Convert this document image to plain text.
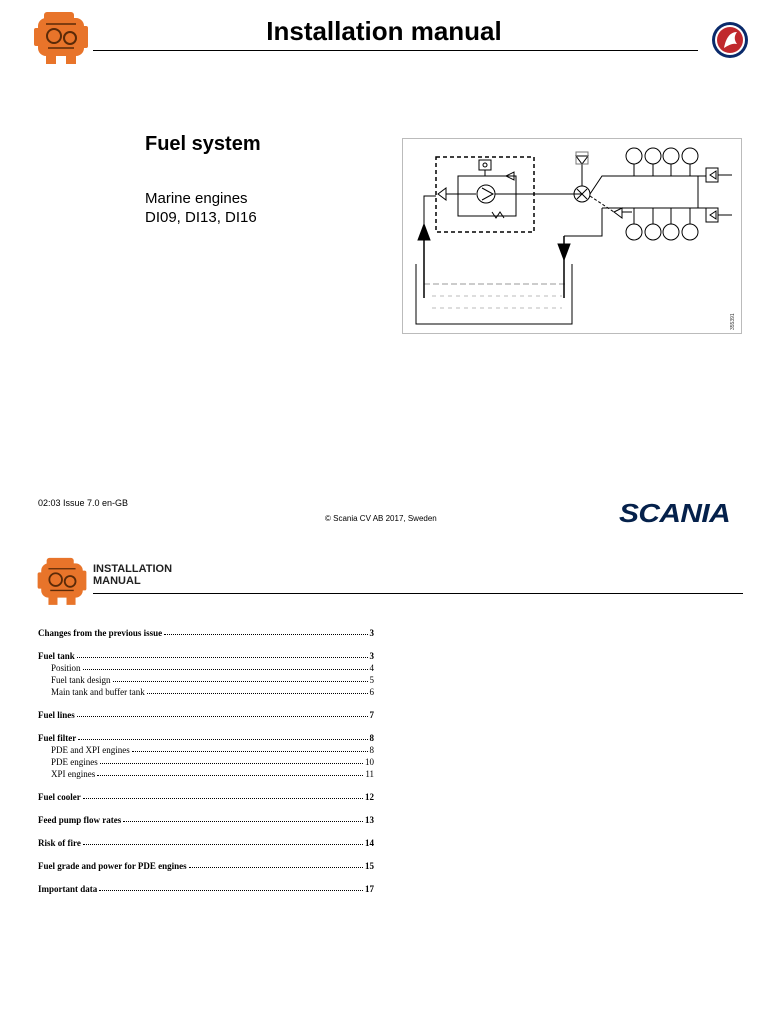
Installation manual
Fuel system
Marine engines
DI09, DI13, DI16
355391
02:03 Issue 7.0 en-GB
© Scania CV AB 2017, Sweden	SCANIA
INSTALLATION
MANUAL
Changes from the previous issue	3
Fuel tank	3
Position	4
Fuel tank design	5
Main tank and buffer tank	6
Fuel lines	7
Fuel filter	8
PDE and XPI engines	8
PDE engines	10
XPI engines	11
Fuel cooler	12
Feed pump flow rates	13
Risk of fire	14
Fuel grade and power for PDE engines	15
Important data	17
